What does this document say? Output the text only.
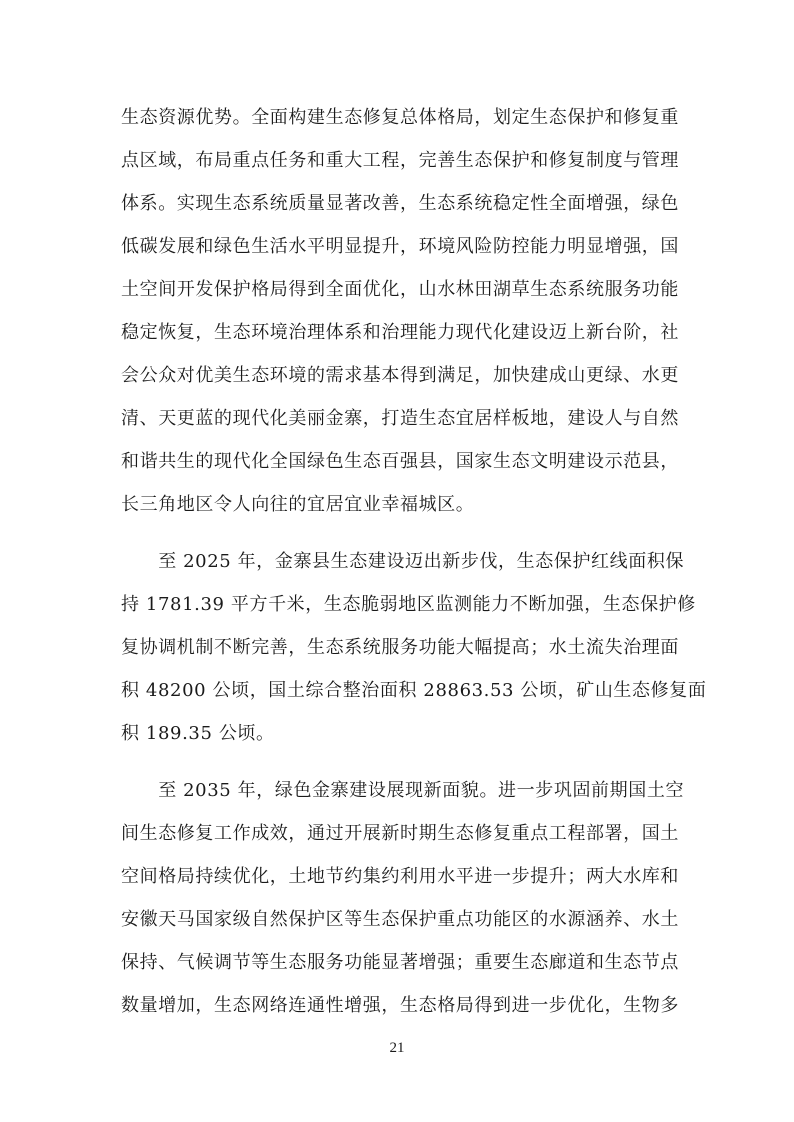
生态资源优势。全面构建生态修复总体格局，划定生态保护和修复重
点区域，布局重点任务和重大工程，完善生态保护和修复制度与管理
体系。实现生态系统质量显著改善，生态系统稳定性全面增强，绿色
低碳发展和绿色生活水平明显提升，环境风险防控能力明显增强，国
土空间开发保护格局得到全面优化，山水林田湖草生态系统服务功能
稳定恢复，生态环境治理体系和治理能力现代化建设迈上新台阶，社
会公众对优美生态环境的需求基本得到满足，加快建成山更绿、水更
清、天更蓝的现代化美丽金寨，打造生态宜居样板地，建设人与自然
和谐共生的现代化全国绿色生态百强县，国家生态文明建设示范县，
长三角地区令人向往的宜居宜业幸福城区。
　　至 2025 年，金寨县生态建设迈出新步伐，生态保护红线面积保
持 1781.39 平方千米，生态脆弱地区监测能力不断加强，生态保护修
复协调机制不断完善，生态系统服务功能大幅提高；水土流失治理面
积 48200 公顷，国土综合整治面积 28863.53 公顷，矿山生态修复面
积 189.35 公顷。
　　至 2035 年，绿色金寨建设展现新面貌。进一步巩固前期国土空
间生态修复工作成效，通过开展新时期生态修复重点工程部署，国土
空间格局持续优化，土地节约集约利用水平进一步提升；两大水库和
安徽天马国家级自然保护区等生态保护重点功能区的水源涵养、水土
保持、气候调节等生态服务功能显著增强；重要生态廊道和生态节点
数量增加，生态网络连通性增强，生态格局得到进一步优化，生物多
21
